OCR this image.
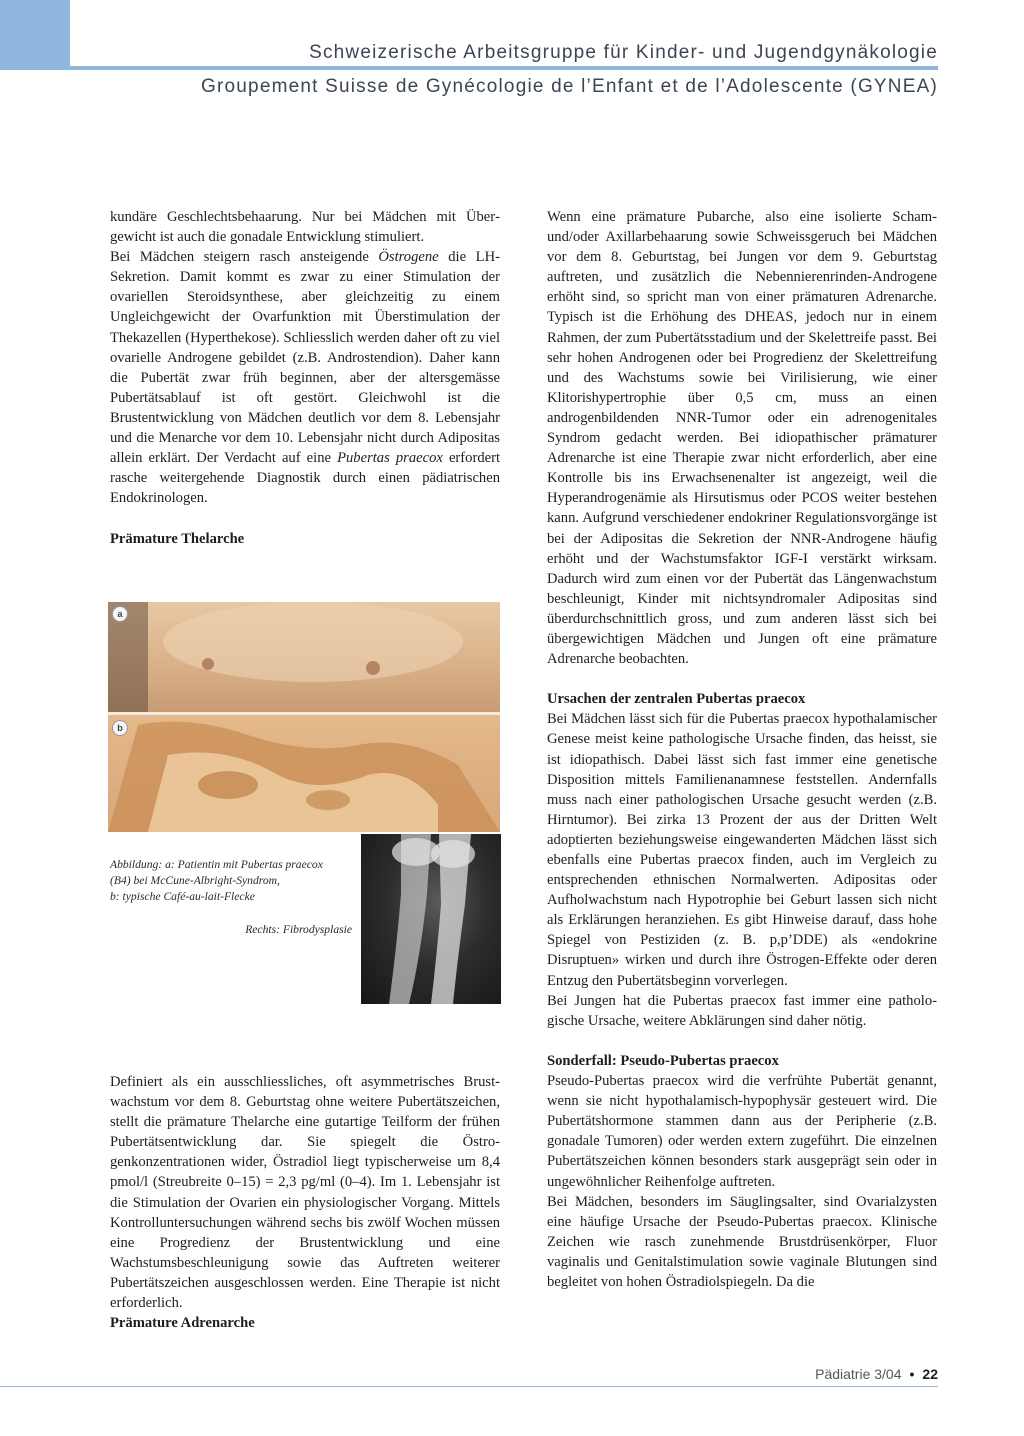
Schweizerische Arbeitsgruppe für Kinder- und Jugendgynäkologie
Groupement Suisse de Gynécologie de l’Enfant et de l’Adolescente (GYNEA)

kundäre Geschlechtsbehaarung. Nur bei Mädchen mit Übergewicht ist auch die gonadale Entwicklung stimuliert.

Bei Mädchen steigern rasch ansteigende Östrogene die LH-Sekretion. Damit kommt es zwar zu einer Stimulation der ovariellen Steroidsynthese, aber gleichzeitig zu einem Ungleichgewicht der Ovarfunktion mit Überstimulation der Thekazellen (Hyperthekose). Schliesslich werden daher oft zu viel ovarielle Androgene gebildet (z.B. Androstendion). Daher kann die Pubertät zwar früh beginnen, aber der altersgemässe Pubertätsablauf ist oft gestört. Gleichwohl ist die Brustentwicklung von Mädchen deutlich vor dem 8. Lebensjahr und die Menarche vor dem 10. Lebensjahr nicht durch Adipositas allein erklärt. Der Verdacht auf eine Pubertas praecox erfordert rasche weitergehende Diagnostik durch einen pädiatrischen Endokrinologen.

Prämature Thelarche
a
b
Abbildung: a: Patientin mit Pubertas praecox
(B4) bei McCune-Albright-Syndrom,
b: typische Café-au-lait-Flecke
Rechts: Fibrodysplasie

Definiert als ein ausschliessliches, oft asymmetrisches Brustwachstum vor dem 8. Geburtstag ohne weitere Pubertätszeichen, stellt die prämature Thelarche eine gutartige Teilform der frühen Pubertätsentwicklung dar. Sie spiegelt die Östrogenkonzentrationen wider, Östradiol liegt typischerweise um 8,4 pmol/l (Streubreite 0–15) = 2,3 pg/ml (0–4). Im 1. Lebensjahr ist die Stimulation der Ovarien ein physiologischer Vorgang. Mittels Kontrolluntersuchungen während sechs bis zwölf Wochen müssen eine Progredienz der Brustentwicklung und eine Wachstumsbeschleunigung sowie das Auftreten weiterer Pubertätszeichen ausgeschlossen werden. Eine Therapie ist nicht erforderlich.

Prämature Adrenarche

Wenn eine prämature Pubarche, also eine isolierte Scham- und/oder Axillarbehaarung sowie Schweissgeruch bei Mädchen vor dem 8. Geburtstag, bei Jungen vor dem 9. Geburtstag auftreten, und zusätzlich die Nebennierenrinden-Androgene erhöht sind, so spricht man von einer prämaturen Adrenarche. Typisch ist die Erhöhung des DHEAS, jedoch nur in einem Rahmen, der zum Pubertätsstadium und der Skelettreife passt. Bei sehr hohen Androgenen oder bei Progredienz der Skelettreifung und des Wachstums sowie bei Virilisierung, wie einer Klitorishypertrophie über 0,5 cm, muss an einen androgenbildenden NNR-Tumor oder ein adrenogenitales Syndrom gedacht werden. Bei idiopathischer prämaturer Adrenarche ist eine Therapie zwar nicht erforderlich, aber eine Kontrolle bis ins Erwachsenenalter ist angezeigt, weil die Hyperandrogenämie als Hirsutismus oder PCOS weiter bestehen kann. Aufgrund verschiedener endokriner Regulationsvorgänge ist bei der Adipositas die Sekretion der NNR-Androgene häufig erhöht und der Wachstumsfaktor IGF-I verstärkt wirksam. Dadurch wird zum einen vor der Pubertät das Längenwachstum beschleunigt, Kinder mit nichtsyndromaler Adipositas sind überdurchschnittlich gross, und zum anderen lässt sich bei übergewichtigen Mädchen und Jungen oft eine prämature Adrenarche beobachten.

Ursachen der zentralen Pubertas praecox

Bei Mädchen lässt sich für die Pubertas praecox hypothalamischer Genese meist keine pathologische Ursache finden, das heisst, sie ist idiopathisch. Dabei lässt sich fast immer eine genetische Disposition mittels Familienanamnese feststellen. Andernfalls muss nach einer pathologischen Ursache gesucht werden (z.B. Hirntumor). Bei zirka 13 Prozent der aus der Dritten Welt adoptierten beziehungsweise eingewanderten Mädchen lässt sich ebenfalls eine Pubertas praecox finden, auch im Vergleich zu entsprechenden ethnischen Normalwerten. Adipositas oder Aufholwachstum nach Hypotrophie bei Geburt lassen sich nicht als Erklärungen heranziehen. Es gibt Hinweise darauf, dass hohe Spiegel von Pestiziden (z. B. p,p’DDE) als «endokrine Disruptuen» wirken und durch ihre Östrogen-Effekte oder deren Entzug den Pubertätsbeginn vorverlegen.

Bei Jungen hat die Pubertas praecox fast immer eine pathologische Ursache, weitere Abklärungen sind daher nötig.

Sonderfall: Pseudo-Pubertas praecox

Pseudo-Pubertas praecox wird die verfrühte Pubertät genannt, wenn sie nicht hypothalamisch-hypophysär gesteuert wird. Die Pubertätshormone stammen dann aus der Peripherie (z.B. gonadale Tumoren) oder werden extern zugeführt. Die einzelnen Pubertätszeichen können besonders stark ausgeprägt sein oder in ungewöhnlicher Reihenfolge auftreten.

Bei Mädchen, besonders im Säuglingsalter, sind Ovarialzysten eine häufige Ursache der Pseudo-Pubertas praecox. Klinische Zeichen wie rasch zunehmende Brustdrüsenkörper, Fluor vaginalis und Genitalstimulation sowie vaginale Blutungen sind begleitet von hohen Östradiolspiegeln. Da die

Pädiatrie 3/04 • 22
